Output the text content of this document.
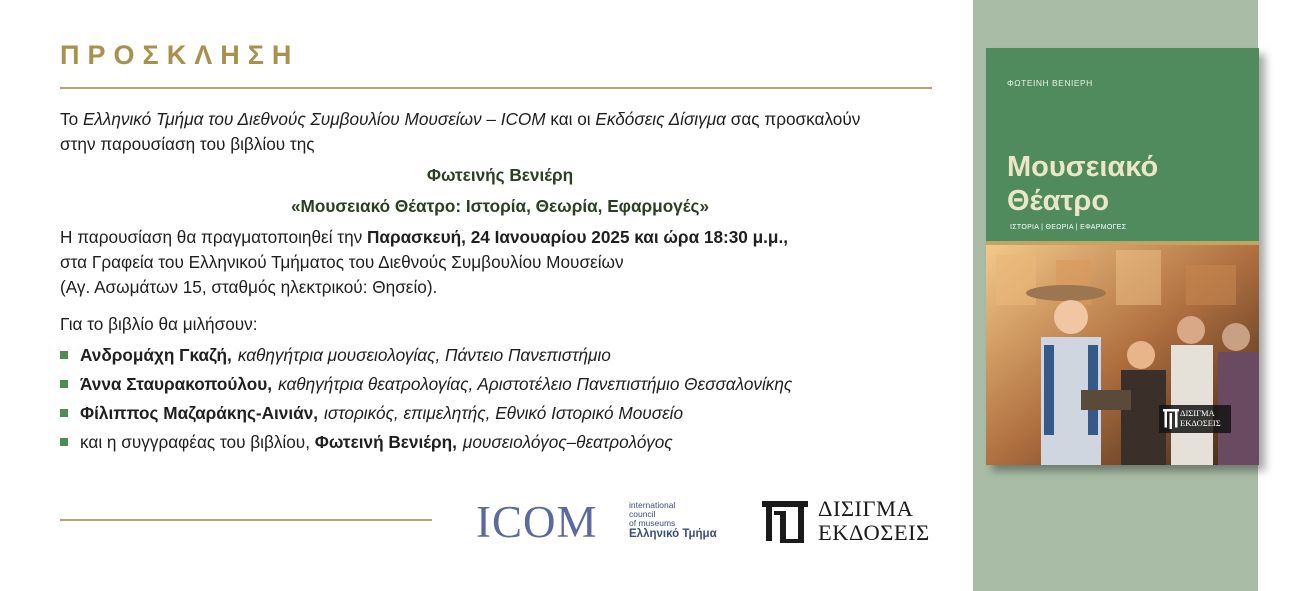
ΠΡΟΣΚΛΗΣΗ
Το Ελληνικό Τμήμα του Διεθνούς Συμβουλίου Μουσείων – ICOM και οι Εκδόσεις Δίσιγμα σας προσκαλούν
στην παρουσίαση του βιβλίου της
Φωτεινής Βενιέρη
«Μουσειακό Θέατρο: Ιστορία, Θεωρία, Εφαρμογές»
Η παρουσίαση θα πραγματοποιηθεί την Παρασκευή, 24 Ιανουαρίου 2025 και ώρα 18:30 μ.μ.,
στα Γραφεία του Ελληνικού Τμήματος του Διεθνούς Συμβουλίου Μουσείων
(Αγ. Ασωμάτων 15, σταθμός ηλεκτρικού: Θησείο).
Για το βιβλίο θα μιλήσουν:
Ανδρομάχη Γκαζή, καθηγήτρια μουσειολογίας, Πάντειο Πανεπιστήμιο
Άννα Σταυρακοπούλου, καθηγήτρια θεατρολογίας, Αριστοτέλειο Πανεπιστήμιο Θεσσαλονίκης
Φίλιππος Μαζαράκης-Αινιάν, ιστορικός, επιμελητής, Εθνικό Ιστορικό Μουσείο
και η συγγραφέας του βιβλίου, Φωτεινή Βενιέρη, μουσειολόγος–θεατρολόγος
ICOM	international
council
of museums
Ελληνικό Τμήμα
ΔΙΣΙΓΜΑ
ΕΚΔΟΣΕΙΣ
ΦΩΤΕΙΝΗ ΒΕΝΙΕΡΗ
Μουσειακό
Θέατρο
ΙΣΤΟΡΙΑ | ΘΕΩΡΙΑ | ΕΦΑΡΜΟΓΕΣ
ΔΙΣΙΓΜΑ
ΕΚΔΟΣΕΙΣ
